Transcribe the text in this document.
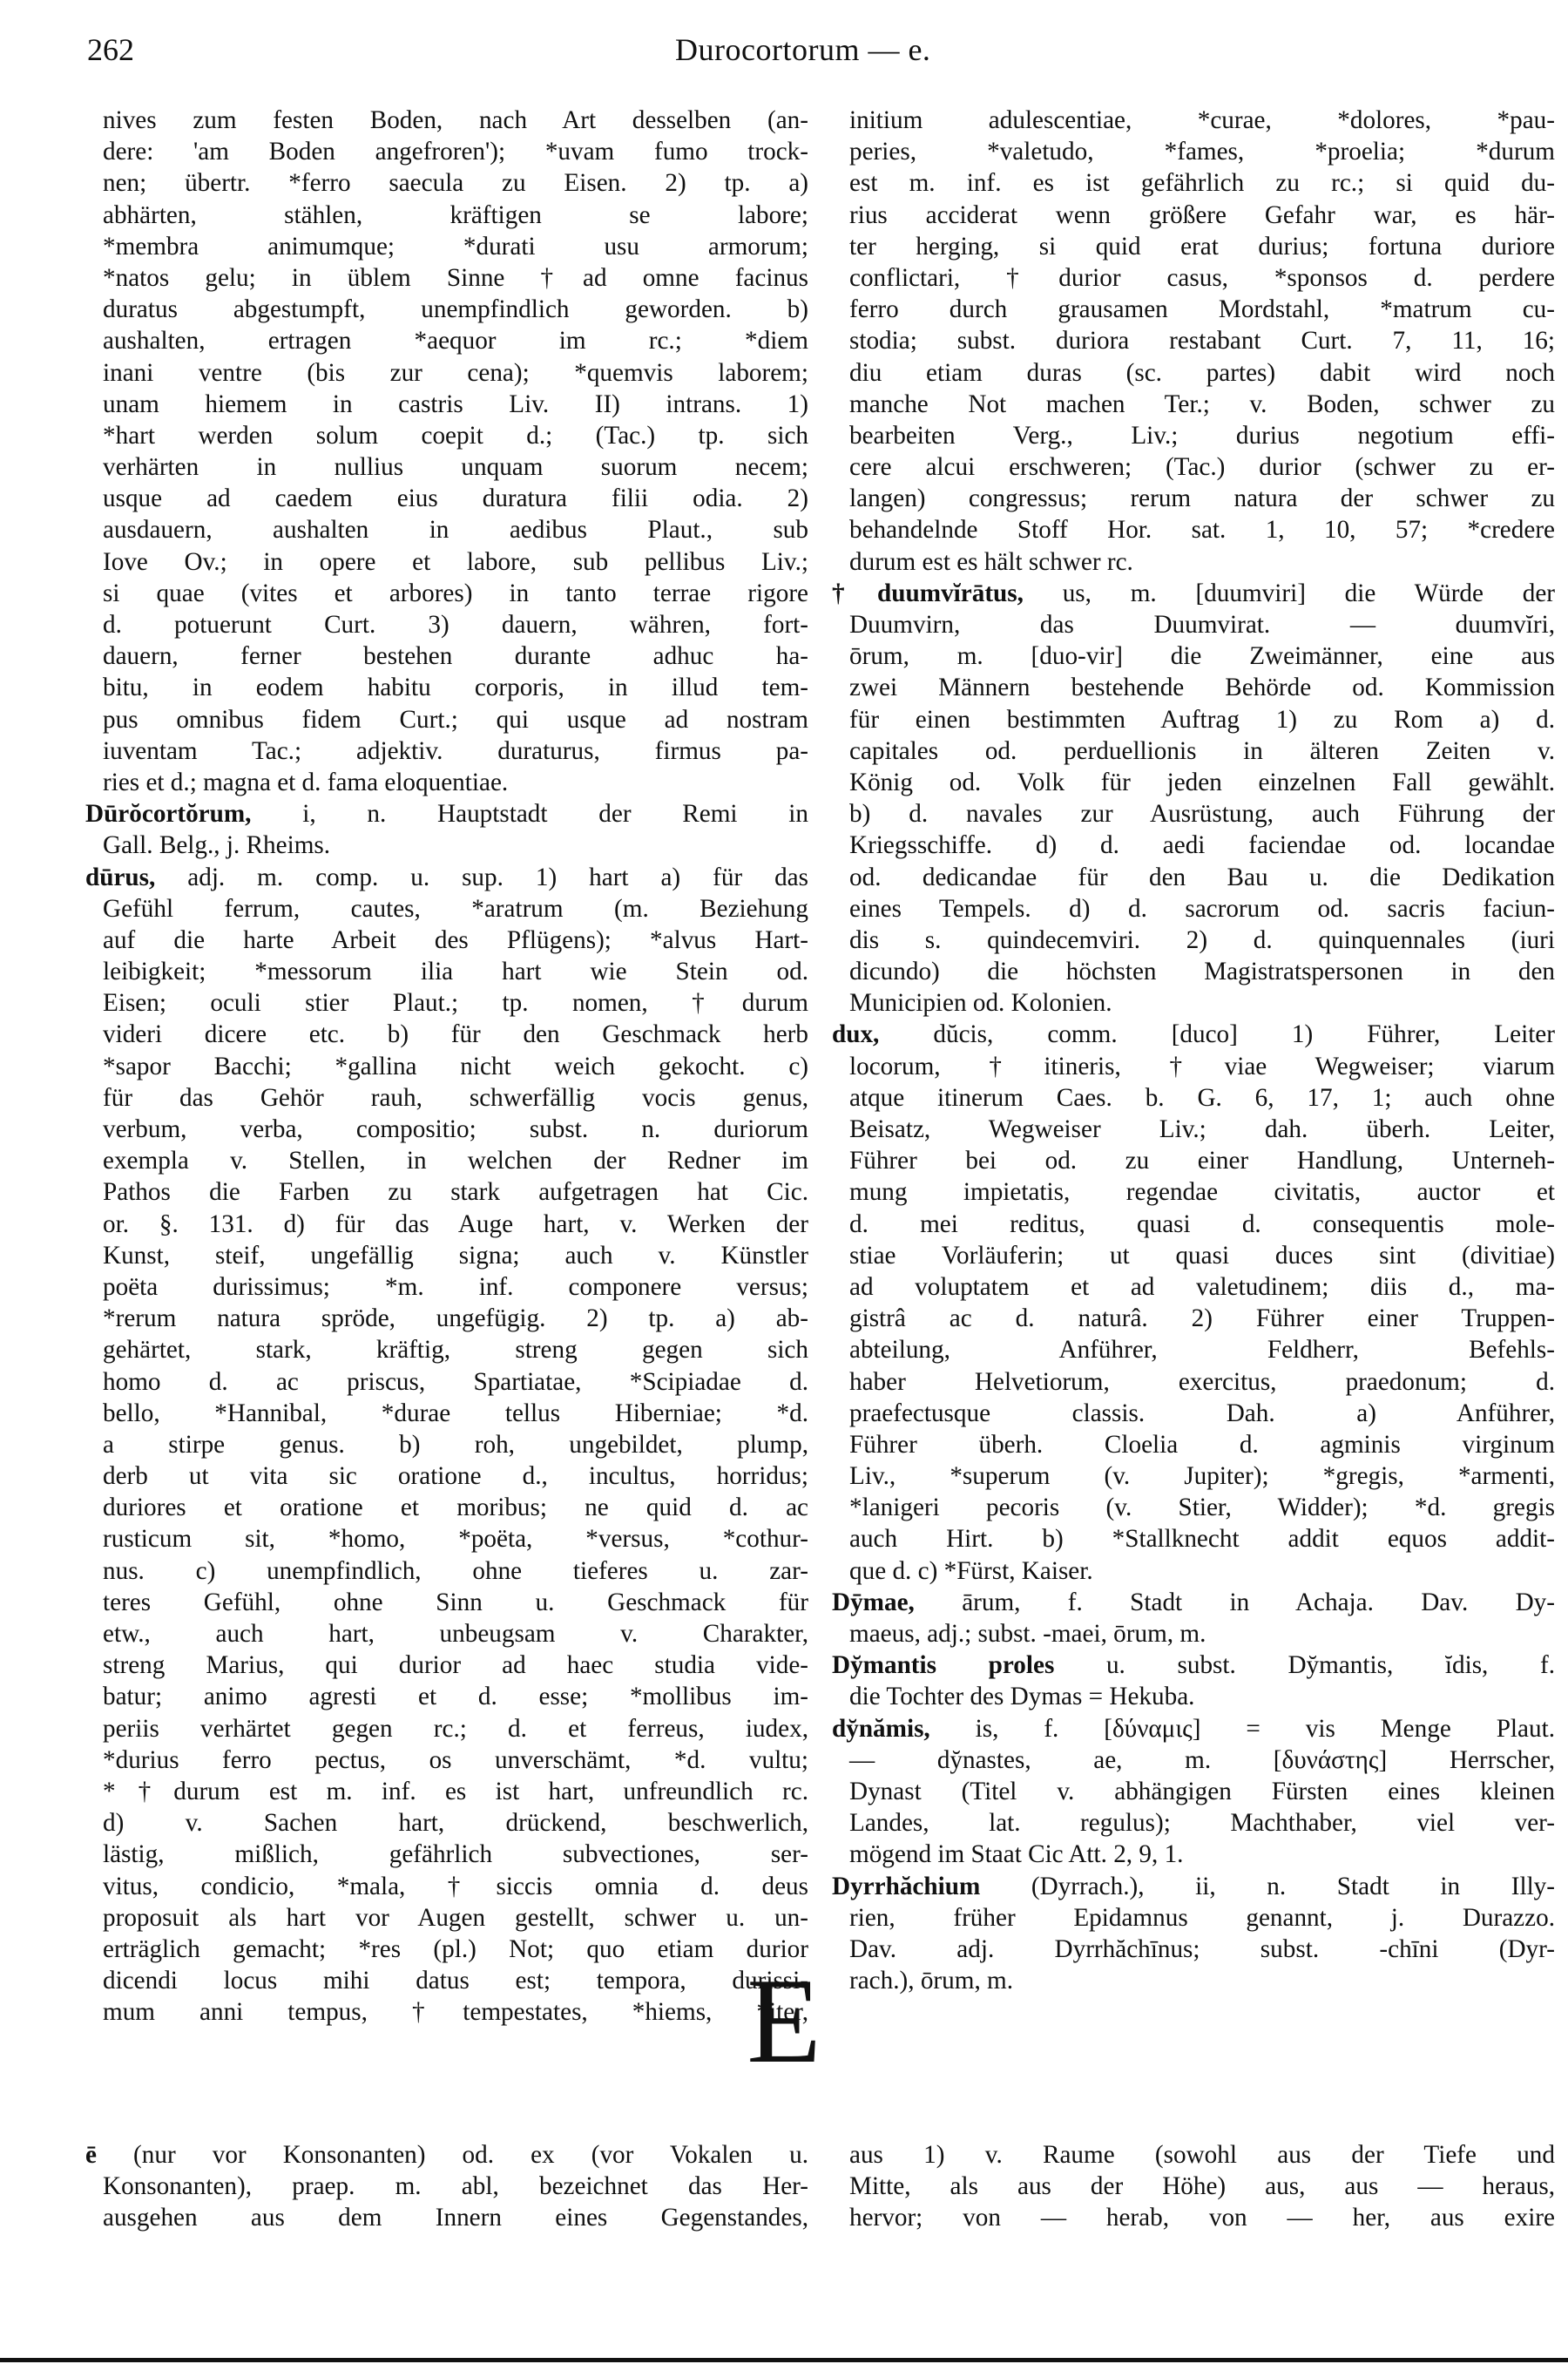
262	Durocortorum — e.
nives zum festen Boden, nach Art desselben (an-
dere: 'am Boden angefroren'); *uvam fumo trock-
nen; übertr. *ferro saecula zu Eisen. 2) tp. a)
abhärten, stählen, kräftigen se labore;
*membra animumque; *durati usu armorum;
*natos gelu; in üblem Sinne †ad omne facinus
duratus abgestumpft, unempfindlich geworden. b)
aushalten, ertragen *aequor im rc.; *diem
inani ventre (bis zur cena); *quemvis laborem;
unam hiemem in castris Liv. II) intrans. 1)
*hart werden solum coepit d.; (Tac.) tp. sich
verhärten in nullius unquam suorum necem;
usque ad caedem eius duratura filii odia. 2)
ausdauern, aushalten in aedibus Plaut., sub
Iove Ov.; in opere et labore, sub pellibus Liv.;
si quae (vites et arbores) in tanto terrae rigore
d. potuerunt Curt. 3) dauern, währen, fort-
dauern, ferner bestehen durante adhuc ha-
bitu, in eodem habitu corporis, in illud tem-
pus omnibus fidem Curt.; qui usque ad nostram
iuventam Tac.; adjektiv. duraturus, firmus pa-
ries et d.; magna et d. fama eloquentiae.
Dūrŏcortŏrum, i, n. Hauptstadt der Remi in
Gall. Belg., j. Rheims.
dūrus, adj. m. comp. u. sup. 1) hart a) für das
Gefühl ferrum, cautes, *aratrum (m. Beziehung
auf die harte Arbeit des Pflügens); *alvus Hart-
leibigkeit; *messorum ilia hart wie Stein od.
Eisen; oculi stier Plaut.; tp. nomen, †durum
videri dicere etc. b) für den Geschmack herb
*sapor Bacchi; *gallina nicht weich gekocht. c)
für das Gehör rauh, schwerfällig vocis genus,
verbum, verba, compositio; subst. n. duriorum
exempla v. Stellen, in welchen der Redner im
Pathos die Farben zu stark aufgetragen hat Cic.
or. §. 131. d) für das Auge hart, v. Werken der
Kunst, steif, ungefällig signa; auch v. Künstler
poëta durissimus; *m. inf. componere versus;
*rerum natura spröde, ungefügig. 2) tp. a) ab-
gehärtet, stark, kräftig, streng gegen sich
homo d. ac priscus, Spartiatae, *Scipiadae d.
bello, *Hannibal, *durae tellus Hiberniae; *d.
a stirpe genus. b) roh, ungebildet, plump,
derb ut vita sic oratione d., incultus, horridus;
duriores et oratione et moribus; ne quid d. ac
rusticum sit, *homo, *poëta, *versus, *cothur-
nus. c) unempfindlich, ohne tieferes u. zar-
teres Gefühl, ohne Sinn u. Geschmack für
etw., auch hart, unbeugsam v. Charakter,
streng Marius, qui durior ad haec studia vide-
batur; animo agresti et d. esse; *mollibus im-
periis verhärtet gegen rc.; d. et ferreus, iudex,
*durius ferro pectus, os unverschämt, *d. vultu;
*†durum est m. inf. es ist hart, unfreundlich rc.
d) v. Sachen hart, drückend, beschwerlich,
lästig, mißlich, gefährlich subvectiones, ser-
vitus, condicio, *mala, †siccis omnia d. deus
proposuit als hart vor Augen gestellt, schwer u. un-
erträglich gemacht; *res (pl.) Not; quo etiam durior
dicendi locus mihi datus est; tempora, durissi-
mum anni tempus, †tempestates, *hiems, *iter,
initium adulescentiae, *curae, *dolores, *pau-
peries, *valetudo, *fames, *proelia; *durum
est m. inf. es ist gefährlich zu rc.; si quid du-
rius acciderat wenn größere Gefahr war, es här-
ter herging, si quid erat durius; fortuna duriore
conflictari, †durior casus, *sponsos d. perdere
ferro durch grausamen Mordstahl, *matrum cu-
stodia; subst. duriora restabant Curt. 7, 11, 16;
diu etiam duras (sc. partes) dabit wird noch
manche Not machen Ter.; v. Boden, schwer zu
bearbeiten Verg., Liv.; durius negotium effi-
cere alcui erschweren; (Tac.) durior (schwer zu er-
langen) congressus; rerum natura der schwer zu
behandelnde Stoff Hor. sat. 1, 10, 57; *credere
durum est es hält schwer rc.
†duumvĭrātus, us, m. [duumviri] die Würde der
Duumvirn, das Duumvirat. — duumvĭri,
ōrum, m. [duo-vir] die Zweimänner, eine aus
zwei Männern bestehende Behörde od. Kommission
für einen bestimmten Auftrag 1) zu Rom a) d.
capitales od. perduellionis in älteren Zeiten v.
König od. Volk für jeden einzelnen Fall gewählt.
b) d. navales zur Ausrüstung, auch Führung der
Kriegsschiffe. d) d. aedi faciendae od. locandae
od. dedicandae für den Bau u. die Dedikation
eines Tempels. d) d. sacrorum od. sacris faciun-
dis s. quindecemviri. 2) d. quinquennales (iuri
dicundo) die höchsten Magistratspersonen in den
Municipien od. Kolonien.
dux, dŭcis, comm. [duco] 1) Führer, Leiter
locorum, †itineris, †viae Wegweiser; viarum
atque itinerum Caes. b. G. 6, 17, 1; auch ohne
Beisatz, Wegweiser Liv.; dah. überh. Leiter,
Führer bei od. zu einer Handlung, Unterneh-
mung impietatis, regendae civitatis, auctor et
d. mei reditus, quasi d. consequentis mole-
stiae Vorläuferin; ut quasi duces sint (divitiae)
ad voluptatem et ad valetudinem; diis d., ma-
gistrâ ac d. naturâ. 2) Führer einer Truppen-
abteilung, Anführer, Feldherr, Befehls-
haber Helvetiorum, exercitus, praedonum; d.
praefectusque classis. Dah. a) Anführer,
Führer überh. Cloelia d. agminis virginum
Liv., *superum (v. Jupiter); *gregis, *armenti,
*lanigeri pecoris (v. Stier, Widder); *d. gregis
auch Hirt. b) *Stallknecht addit equos addit-
que d. c) *Fürst, Kaiser.
Dȳmae, ārum, f. Stadt in Achaja. Dav. Dy-
maeus, adj.; subst. -maei, ōrum, m.
Dy̆mantis proles u. subst. Dy̆mantis, ĭdis, f.
die Tochter des Dymas = Hekuba.
dy̆nămis, is, f. [δύναμις] = vis Menge Plaut.
— dy̆nastes, ae, m. [δυνάστης] Herrscher,
Dynast (Titel v. abhängigen Fürsten eines kleinen
Landes, lat. regulus); Machthaber, viel ver-
mögend im Staat Cic Att. 2, 9, 1.
Dyrrhăchium (Dyrrach.), ii, n. Stadt in Illy-
rien, früher Epidamnus genannt, j. Durazzo.
Dav. adj. Dyrrhăchīnus; subst. -chīni (Dyr-
rach.), ōrum, m.
E
ē (nur vor Konsonanten) od. ex (vor Vokalen u.
Konsonanten), praep. m. abl, bezeichnet das Her-
ausgehen aus dem Innern eines Gegenstandes,
aus 1) v. Raume (sowohl aus der Tiefe und
Mitte, als aus der Höhe) aus, aus — heraus,
hervor; von — herab, von — her, aus exire
